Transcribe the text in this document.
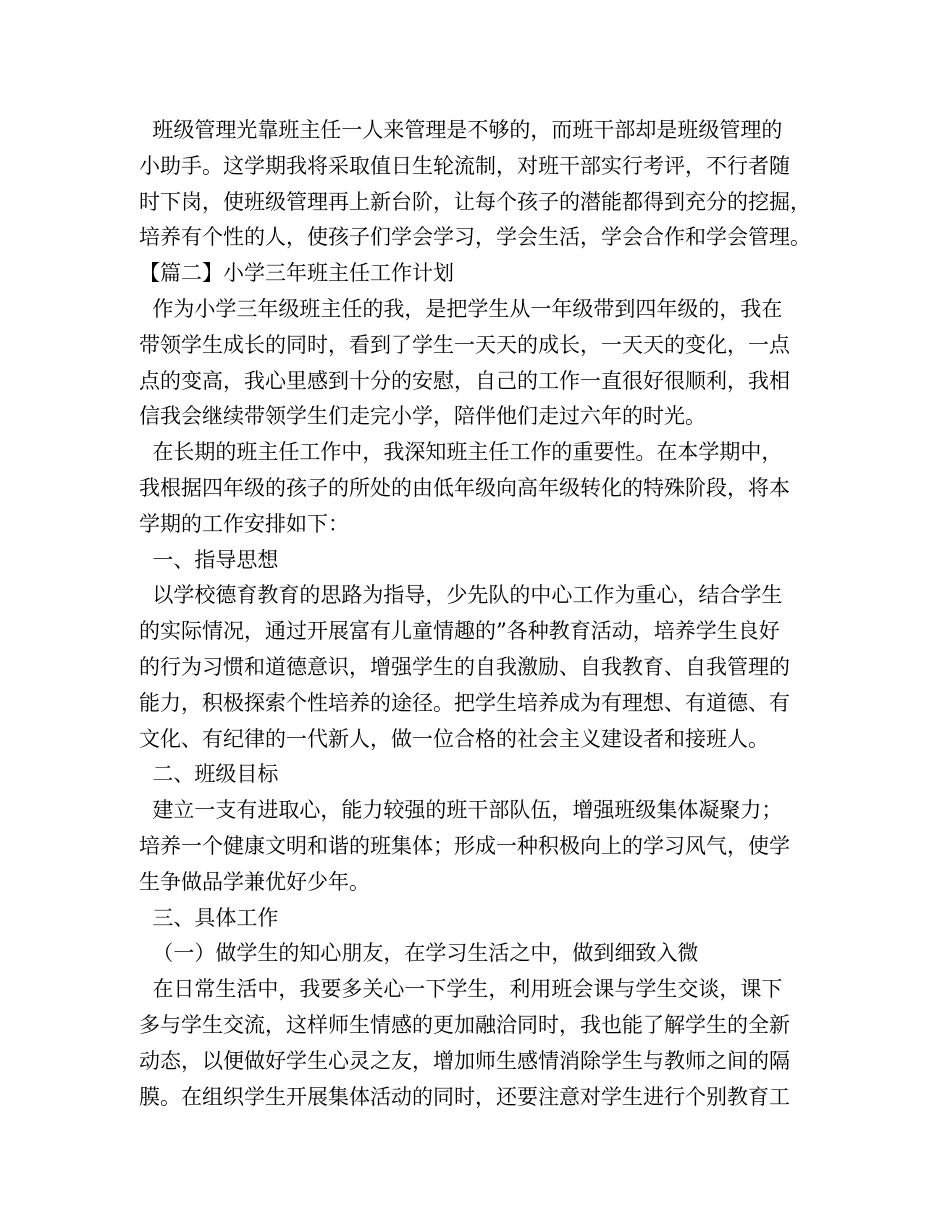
班级管理光靠班主任一人来管理是不够的，而班干部却是班级管理的
小助手。这学期我将采取值日生轮流制，对班干部实行考评，不行者随
时下岗，使班级管理再上新台阶，让每个孩子的潜能都得到充分的挖掘，
培养有个性的人，使孩子们学会学习，学会生活，学会合作和学会管理。
【篇二】小学三年班主任工作计划
作为小学三年级班主任的我，是把学生从一年级带到四年级的，我在
带领学生成长的同时，看到了学生一天天的成长，一天天的变化，一点
点的变高，我心里感到十分的安慰，自己的工作一直很好很顺利，我相
信我会继续带领学生们走完小学，陪伴他们走过六年的时光。
在长期的班主任工作中，我深知班主任工作的重要性。在本学期中，
我根据四年级的孩子的所处的由低年级向高年级转化的特殊阶段，将本
学期的工作安排如下：
一、指导思想
以学校德育教育的思路为指导，少先队的中心工作为重心，结合学生
的实际情况，通过开展富有儿童情趣的”各种教育活动，培养学生良好
的行为习惯和道德意识，增强学生的自我激励、自我教育、自我管理的
能力，积极探索个性培养的途径。把学生培养成为有理想、有道德、有
文化、有纪律的一代新人，做一位合格的社会主义建设者和接班人。
二、班级目标
建立一支有进取心，能力较强的班干部队伍，增强班级集体凝聚力；
培养一个健康文明和谐的班集体；形成一种积极向上的学习风气，使学
生争做品学兼优好少年。
三、具体工作
（一）做学生的知心朋友，在学习生活之中，做到细致入微
在日常生活中，我要多关心一下学生，利用班会课与学生交谈，课下
多与学生交流，这样师生情感的更加融洽同时，我也能了解学生的全新
动态，以便做好学生心灵之友，增加师生感情消除学生与教师之间的隔
膜。在组织学生开展集体活动的同时，还要注意对学生进行个别教育工
